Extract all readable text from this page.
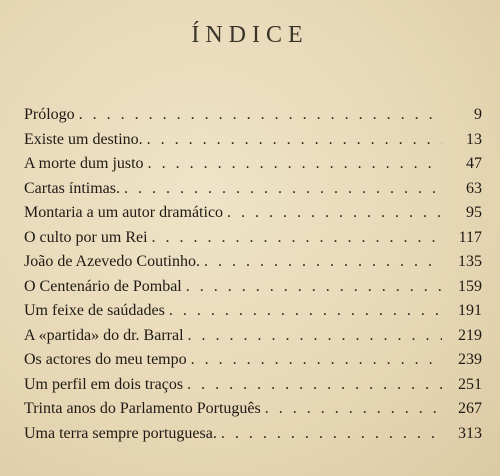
ÍNDICE
Prólogo . . .	9
Existe um destino. . . .	13
A morte dum justo . . .	47
Cartas íntimas. . . .	63
Montaria a um autor dramático . . .	95
O culto por um Rei . . .	117
João de Azevedo Coutinho. . . .	135
O Centenário de Pombal . . .	159
Um feixe de saúdades . . .	191
A «partida» do dr. Barral . . .	219
Os actores do meu tempo . . .	239
Um perfil em dois traços . . .	251
Trinta anos do Parlamento Português . . .	267
Uma terra sempre portuguesa. . . .	313
